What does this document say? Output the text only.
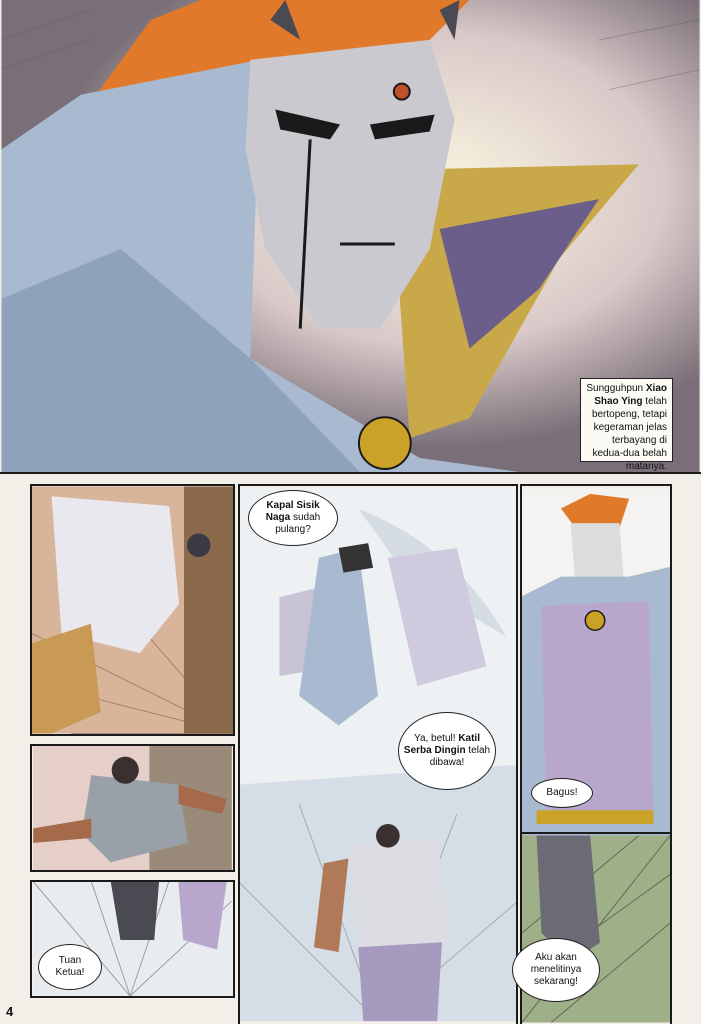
Sungguhpun Xiao Shao Ying telah bertopeng, tetapi kegeraman jelas terbayang di kedua-dua belah matanya.
Kapal Sisik Naga sudah pulang?
Ya, betul! Katil Serba Dingin telah dibawa!
Bagus!
Tuan Ketua!
Aku akan menelitinya sekarang!
4
